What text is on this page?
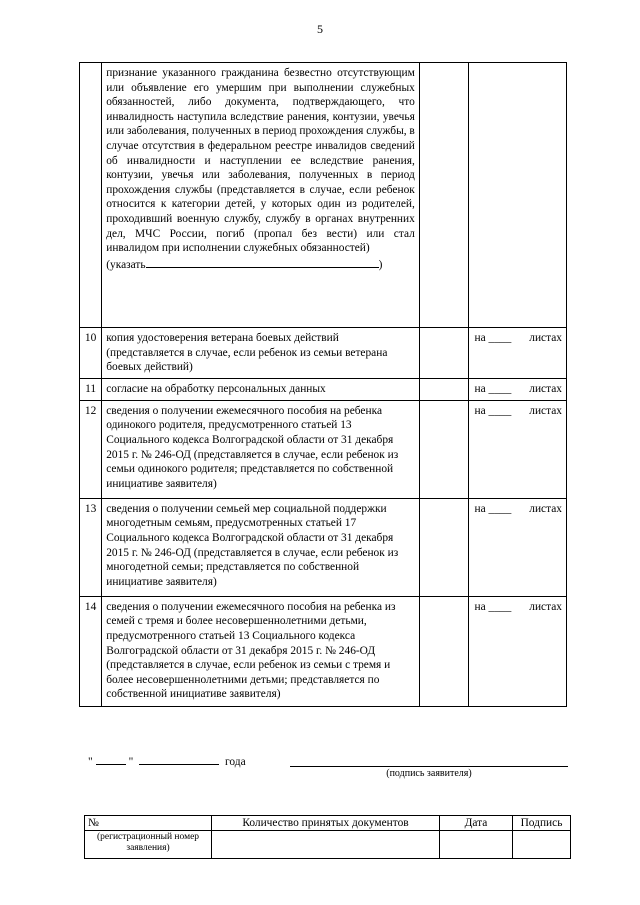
5

	признание указанного гражданина безвестно отсутствующим или объявление его умершим при выполнении служебных обязанностей, либо документа, подтверждающего, что инвалидность наступила вследствие ранения, контузии, увечья или заболевания, полученных в период прохождения службы, в случае отсутствия в федеральном реестре инвалидов сведений об инвалидности и наступлении ее вследствие ранения, контузии, увечья или заболевания, полученных в период прохождения службы (представляется в случае, если ребенок относится к категории детей, у которых один из родителей, проходивший военную службу, службу в органах внутренних дел, МЧС России, погиб (пропал без вести) или стал инвалидом при исполнении служебных обязанностей)
(указать )		

10	копия удостоверения ветерана боевых действий (представляется в случае, если ребенок из семьи ветерана боевых действий)		на ____ листах

11	согласие на обработку персональных данных		на ____ листах

12	сведения о получении ежемесячного пособия на ребенка одинокого родителя, предусмотренного статьей 13 Социального кодекса Волгоградской области от 31 декабря 2015 г. № 246-ОД (представляется в случае, если ребенок из семьи одинокого родителя; представляется по собственной инициативе заявителя)		на ____ листах

13	сведения о получении семьей мер социальной поддержки многодетным семьям, предусмотренных статьей 17 Социального кодекса Волгоградской области от 31 декабря 2015 г. № 246-ОД (представляется в случае, если ребенок из многодетной семьи; представляется по собственной инициативе заявителя)		на ____ листах

14	сведения о получении ежемесячного пособия на ребенка из семей с тремя и более несовершеннолетними детьми, предусмотренного статьей 13 Социального кодекса Волгоградской области от 31 декабря 2015 г. № 246-ОД (представляется в случае, если ребенок из семьи с тремя и более несовершеннолетними детьми; представляется по собственной инициативе заявителя)		на ____ листах
"	"	года
(подпись заявителя)
№	Количество принятых документов	Дата	Подпись

(регистрационный номер заявления)			
